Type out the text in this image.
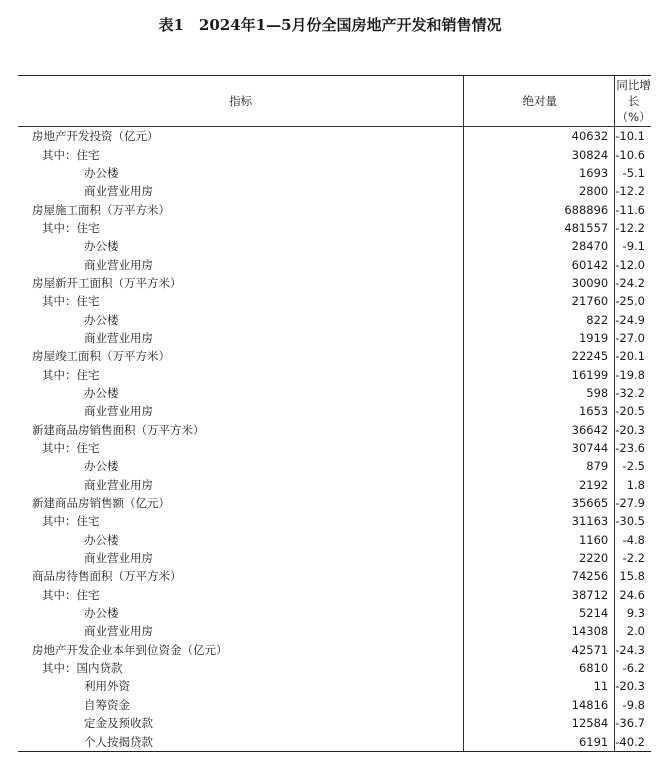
表1　2024年1—5月份全国房地产开发和销售情况
指标	绝对量	同比增长（%）
房地产开发投资（亿元）	40632	-10.1
其中：住宅	30824	-10.6
办公楼	1693	-5.1
商业营业用房	2800	-12.2
房屋施工面积（万平方米）	688896	-11.6
其中：住宅	481557	-12.2
办公楼	28470	-9.1
商业营业用房	60142	-12.0
房屋新开工面积（万平方米）	30090	-24.2
其中：住宅	21760	-25.0
办公楼	822	-24.9
商业营业用房	1919	-27.0
房屋竣工面积（万平方米）	22245	-20.1
其中：住宅	16199	-19.8
办公楼	598	-32.2
商业营业用房	1653	-20.5
新建商品房销售面积（万平方米）	36642	-20.3
其中：住宅	30744	-23.6
办公楼	879	-2.5
商业营业用房	2192	1.8
新建商品房销售额（亿元）	35665	-27.9
其中：住宅	31163	-30.5
办公楼	1160	-4.8
商业营业用房	2220	-2.2
商品房待售面积（万平方米）	74256	15.8
其中：住宅	38712	24.6
办公楼	5214	9.3
商业营业用房	14308	2.0
房地产开发企业本年到位资金（亿元）	42571	-24.3
其中：国内贷款	6810	-6.2
利用外资	11	-20.3
自筹资金	14816	-9.8
定金及预收款	12584	-36.7
个人按揭贷款	6191	-40.2
